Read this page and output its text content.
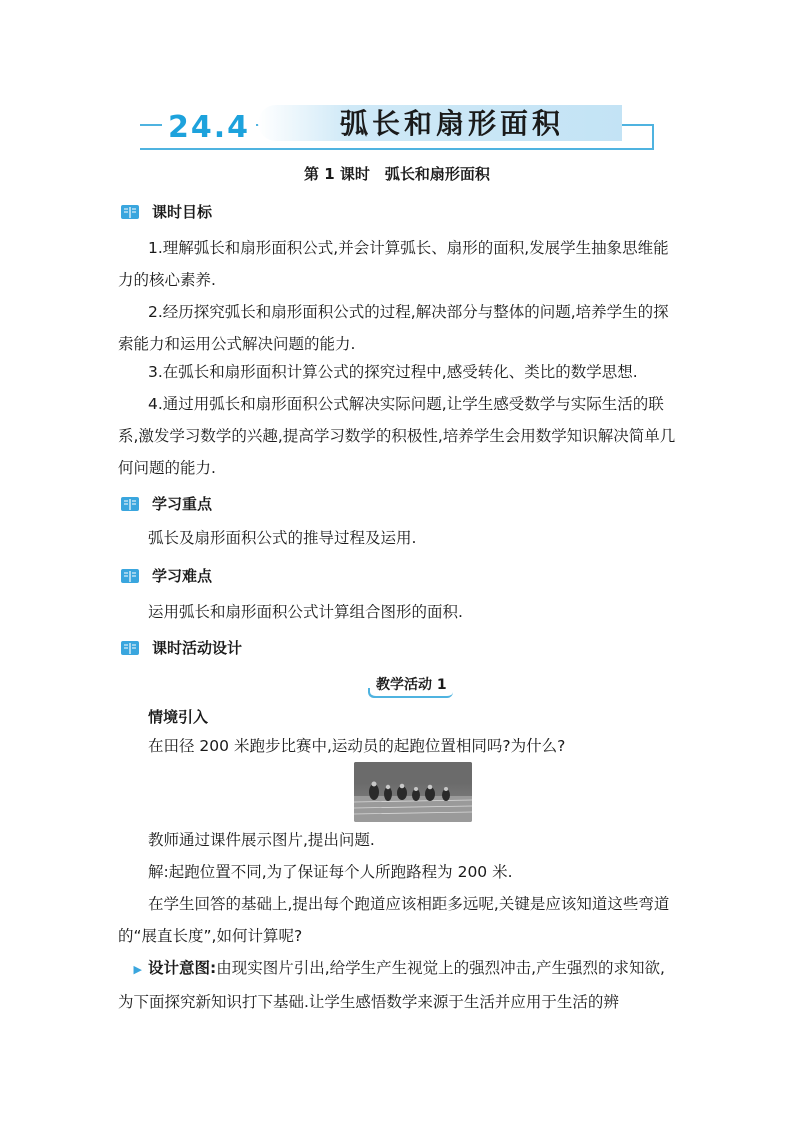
24.4	弧长和扇形面积
第 1 课时　弧长和扇形面积
课时目标
1.理解弧长和扇形面积公式,并会计算弧长、扇形的面积,发展学生抽象思维能力的核心素养.
2.经历探究弧长和扇形面积公式的过程,解决部分与整体的问题,培养学生的探索能力和运用公式解决问题的能力.
3.在弧长和扇形面积计算公式的探究过程中,感受转化、类比的数学思想.
4.通过用弧长和扇形面积公式解决实际问题,让学生感受数学与实际生活的联系,激发学习数学的兴趣,提高学习数学的积极性,培养学生会用数学知识解决简单几何问题的能力.
学习重点
弧长及扇形面积公式的推导过程及运用.
学习难点
运用弧长和扇形面积公式计算组合图形的面积.
课时活动设计
教学活动 1
情境引入
在田径 200 米跑步比赛中,运动员的起跑位置相同吗?为什么?
教师通过课件展示图片,提出问题.
解:起跑位置不同,为了保证每个人所跑路程为 200 米.
在学生回答的基础上,提出每个跑道应该相距多远呢,关键是应该知道这些弯道的“展直长度”,如何计算呢?
▶ 设计意图:由现实图片引出,给学生产生视觉上的强烈冲击,产生强烈的求知欲,为下面探究新知识打下基础.让学生感悟数学来源于生活并应用于生活的辨
